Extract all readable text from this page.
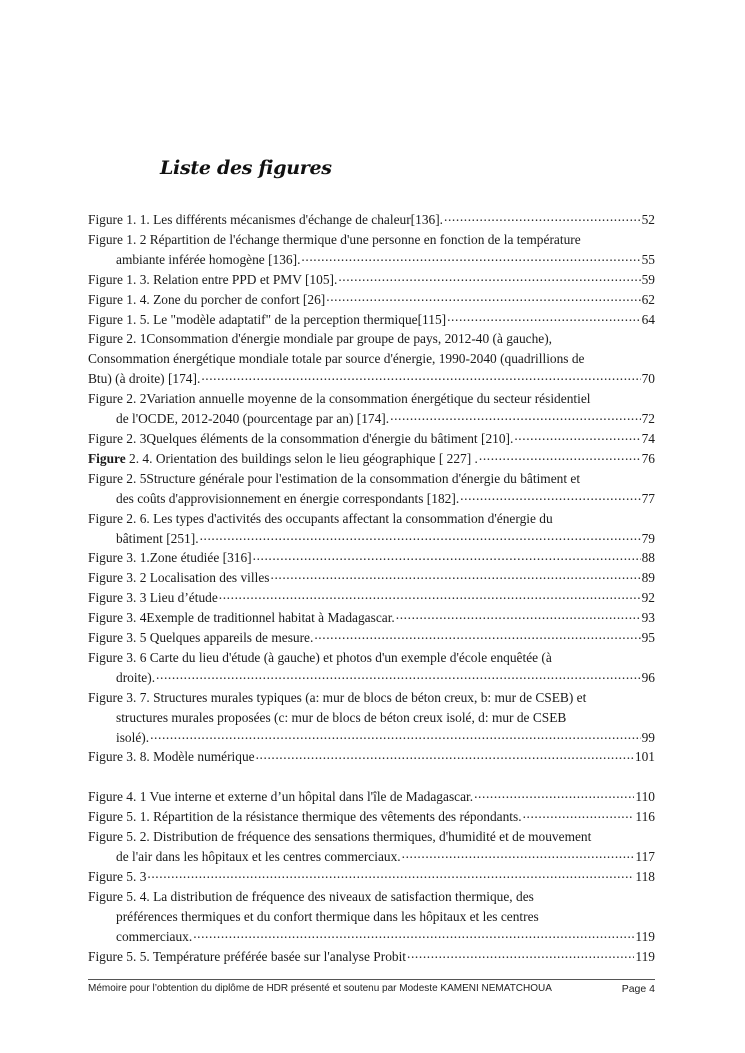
Liste des figures
Figure 1. 1. Les différents mécanismes d'échange de chaleur[136]. .....	52
Figure 1. 2 Répartition de l'échange thermique d'une personne en fonction de la température
ambiante inférée homogène [136]. .....	55
Figure 1. 3. Relation entre PPD et PMV [105]. .....	59
Figure 1. 4. Zone du porcher de confort [26] .....	62
Figure 1. 5. Le "modèle adaptatif" de la perception thermique[115] .....	64
Figure 2. 1Consommation d'énergie mondiale par groupe de pays, 2012-40 (à gauche),
Consommation énergétique mondiale totale par source d'énergie, 1990-2040 (quadrillions de
Btu) (à droite) [174]. .....	70
Figure 2. 2Variation annuelle moyenne de la consommation énergétique du secteur résidentiel
de l'OCDE, 2012-2040 (pourcentage par an) [174]. .....	72
Figure 2. 3Quelques éléments de la consommation d'énergie du bâtiment [210]. .....	74
Figure 2. 4. Orientation des buildings selon le lieu géographique [ 227] . .....	76
Figure 2. 5Structure générale pour l'estimation de la consommation d'énergie du bâtiment et
des coûts d'approvisionnement en énergie correspondants [182]. .....	77
Figure 2. 6. Les types d'activités des occupants affectant la consommation d'énergie du
bâtiment [251]. .....	79
Figure 3. 1.Zone étudiée [316] .....	88
Figure 3. 2 Localisation des villes .....	89
Figure 3. 3 Lieu d’étude .....	92
Figure 3. 4Exemple de traditionnel habitat à Madagascar. .....	93
Figure 3. 5 Quelques appareils de mesure. .....	95
Figure 3. 6 Carte du lieu d'étude (à gauche) et photos d'un exemple d'école enquêtée (à
droite). .....	96
Figure 3. 7. Structures murales typiques (a: mur de blocs de béton creux, b: mur de CSEB) et
structures murales proposées (c: mur de blocs de béton creux isolé, d: mur de CSEB
isolé). .....	99
Figure 3. 8. Modèle numérique .....	101
Figure 4. 1 Vue interne et externe d’un hôpital dans l'île de Madagascar. .....	110
Figure 5. 1. Répartition de la résistance thermique des vêtements des répondants. .....	116
Figure 5. 2. Distribution de fréquence des sensations thermiques, d'humidité et de mouvement
de l'air dans les hôpitaux et les centres commerciaux. .....	117
Figure 5. 3 .....	118
Figure 5. 4. La distribution de fréquence des niveaux de satisfaction thermique, des
préférences thermiques et du confort thermique dans les hôpitaux et les centres
commerciaux. .....	119
Figure 5. 5. Température préférée basée sur l'analyse Probit .....	119
Mémoire pour l’obtention du diplôme de HDR présenté et soutenu par Modeste KAMENI NEMATCHOUA	Page 4
